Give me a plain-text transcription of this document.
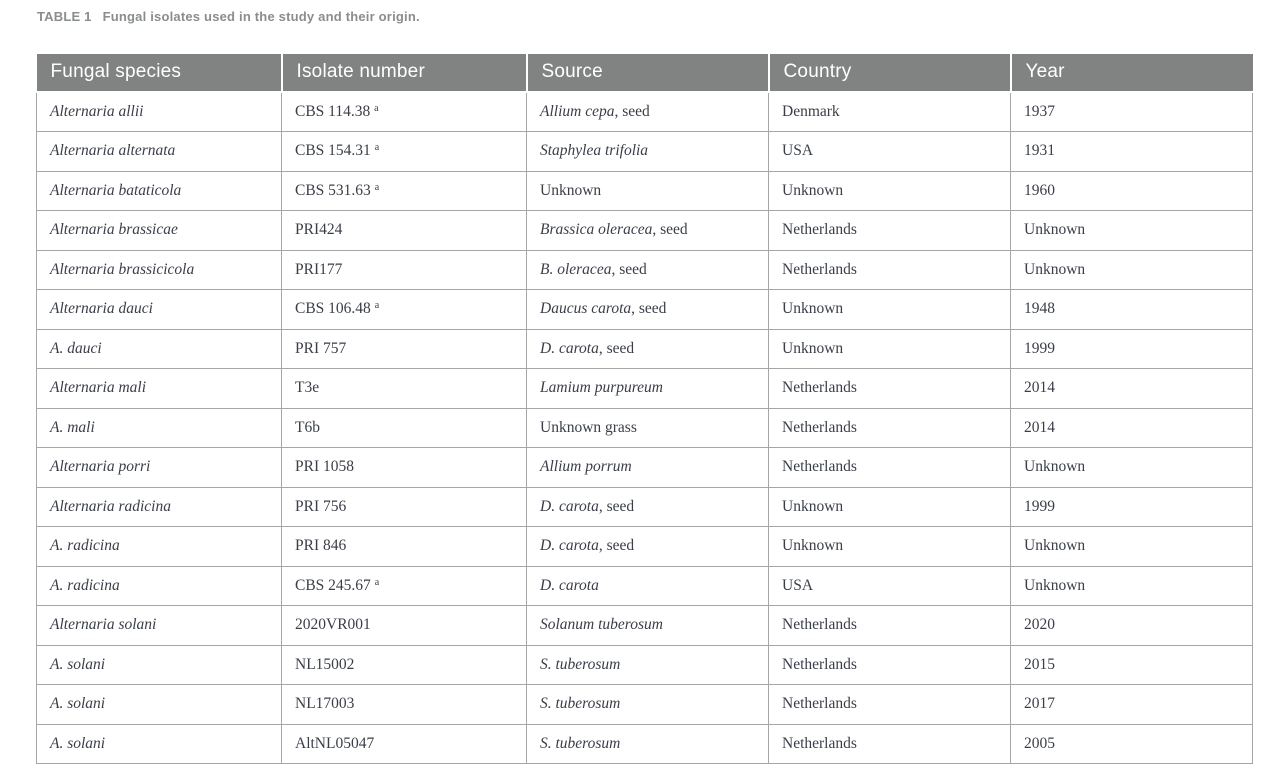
TABLE 1 Fungal isolates used in the study and their origin.
Fungal species	Isolate number	Source	Country	Year
Alternaria allii	CBS 114.38 $^a$	Allium cepa, seed	Denmark	1937
Alternaria alternata	CBS 154.31 $^a$	Staphylea trifolia	USA	1931
Alternaria bataticola	CBS 531.63 $^a$	Unknown	Unknown	1960
Alternaria brassicae	PRI424	Brassica oleracea, seed	Netherlands	Unknown
Alternaria brassicicola	PRI177	B. oleracea, seed	Netherlands	Unknown
Alternaria dauci	CBS 106.48 $^a$	Daucus carota, seed	Unknown	1948
A. dauci	PRI 757	D. carota, seed	Unknown	1999
Alternaria mali	T3e	Lamium purpureum	Netherlands	2014
A. mali	T6b	Unknown grass	Netherlands	2014
Alternaria porri	PRI 1058	Allium porrum	Netherlands	Unknown
Alternaria radicina	PRI 756	D. carota, seed	Unknown	1999
A. radicina	PRI 846	D. carota, seed	Unknown	Unknown
A. radicina	CBS 245.67 $^a$	D. carota	USA	Unknown
Alternaria solani	2020VR001	Solanum tuberosum	Netherlands	2020
A. solani	NL15002	S. tuberosum	Netherlands	2015
A. solani	NL17003	S. tuberosum	Netherlands	2017
A. solani	AltNL05047	S. tuberosum	Netherlands	2005
